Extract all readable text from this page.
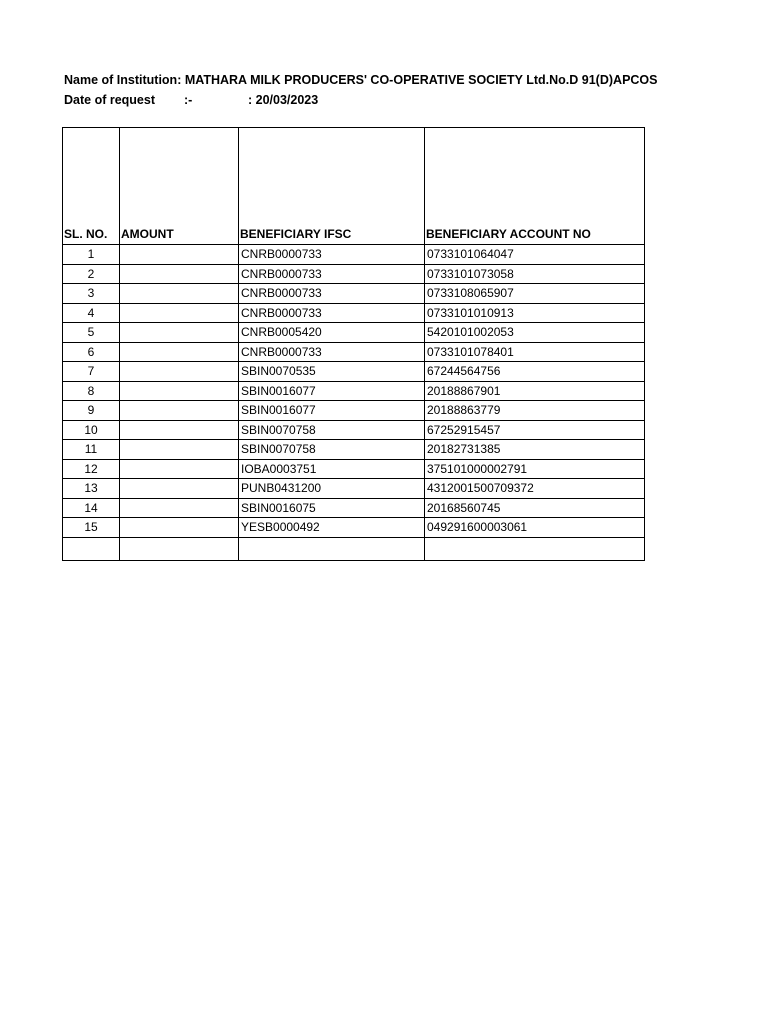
Name of Institution: MATHARA MILK PRODUCERS' CO-OPERATIVE SOCIETY Ltd.No.D 91(D)APCOS
Date of request :-	: 20/03/2023
SL. NO.	AMOUNT	BENEFICIARY IFSC	BENEFICIARY ACCOUNT NO
1		CNRB0000733	0733101064047
2		CNRB0000733	0733101073058
3		CNRB0000733	0733108065907
4		CNRB0000733	0733101010913
5		CNRB0005420	5420101002053
6		CNRB0000733	0733101078401
7		SBIN0070535	67244564756
8		SBIN0016077	20188867901
9		SBIN0016077	20188863779
10		SBIN0070758	67252915457
11		SBIN0070758	20182731385
12		IOBA0003751	375101000002791
13		PUNB0431200	4312001500709372
14		SBIN0016075	20168560745
15		YESB0000492	049291600003061
